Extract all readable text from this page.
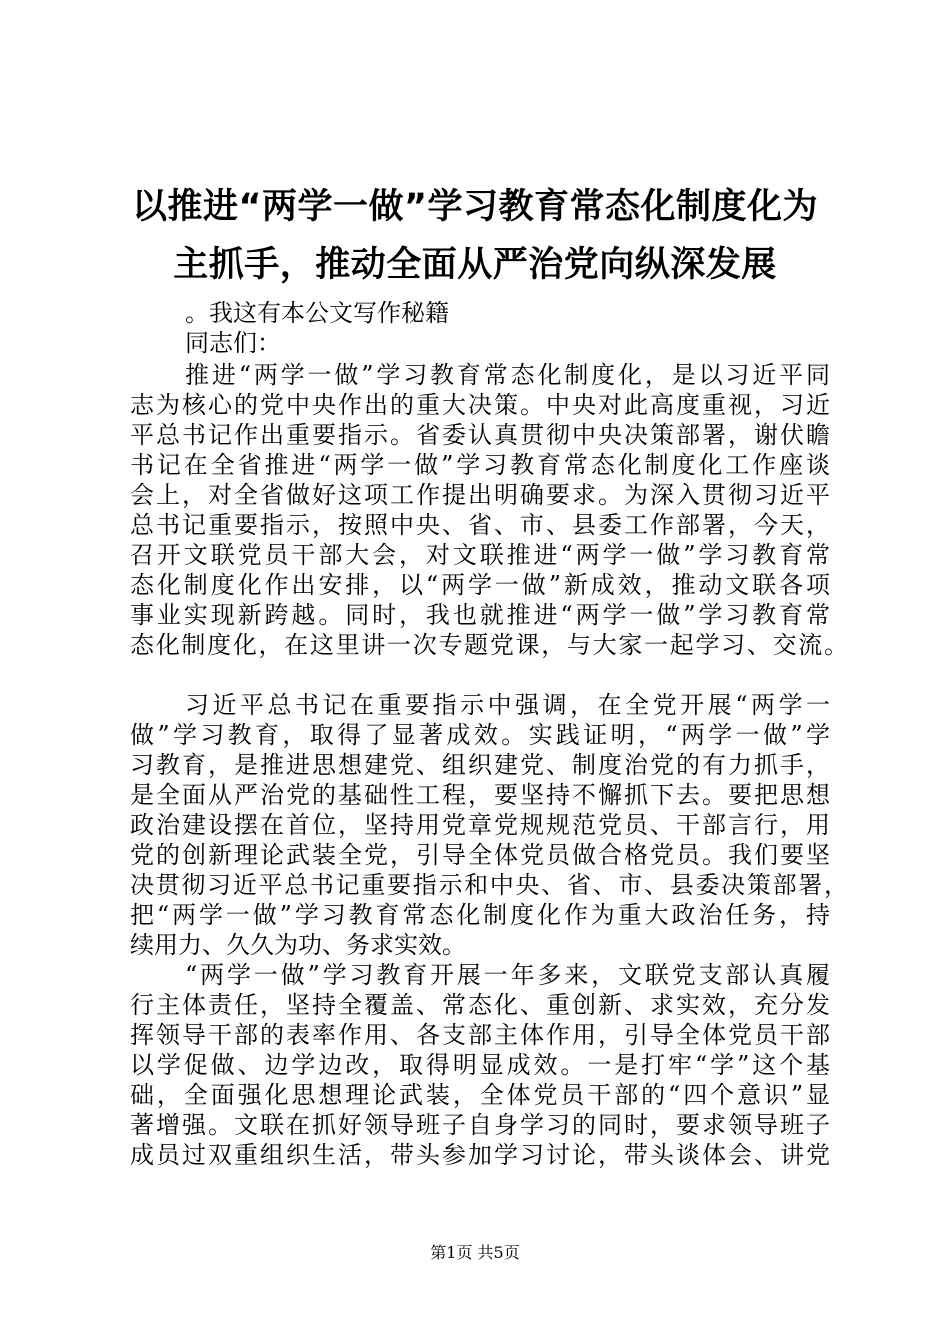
以推进“两学一做”学习教育常态化制度化为
主抓手，推动全面从严治党向纵深发展
。我这有本公文写作秘籍
同志们：
推进“两学一做”学习教育常态化制度化，是以习近平同
志为核心的党中央作出的重大决策。中央对此高度重视，习近
平总书记作出重要指示。省委认真贯彻中央决策部署，谢伏瞻
书记在全省推进“两学一做”学习教育常态化制度化工作座谈
会上，对全省做好这项工作提出明确要求。为深入贯彻习近平
总书记重要指示，按照中央、省、市、县委工作部署，今天，
召开文联党员干部大会，对文联推进“两学一做”学习教育常
态化制度化作出安排，以“两学一做”新成效，推动文联各项
事业实现新跨越。同时，我也就推进“两学一做”学习教育常
态化制度化，在这里讲一次专题党课，与大家一起学习、交流。
习近平总书记在重要指示中强调，在全党开展“两学一
做”学习教育，取得了显著成效。实践证明，“两学一做”学
习教育，是推进思想建党、组织建党、制度治党的有力抓手，
是全面从严治党的基础性工程，要坚持不懈抓下去。要把思想
政治建设摆在首位，坚持用党章党规规范党员、干部言行，用
党的创新理论武装全党，引导全体党员做合格党员。我们要坚
决贯彻习近平总书记重要指示和中央、省、市、县委决策部署，
把“两学一做”学习教育常态化制度化作为重大政治任务，持
续用力、久久为功、务求实效。
“两学一做”学习教育开展一年多来，文联党支部认真履
行主体责任，坚持全覆盖、常态化、重创新、求实效，充分发
挥领导干部的表率作用、各支部主体作用，引导全体党员干部
以学促做、边学边改，取得明显成效。一是打牢“学”这个基
础，全面强化思想理论武装，全体党员干部的“四个意识”显
著增强。文联在抓好领导班子自身学习的同时，要求领导班子
成员过双重组织生活，带头参加学习讨论，带头谈体会、讲党
第1页 共5页
